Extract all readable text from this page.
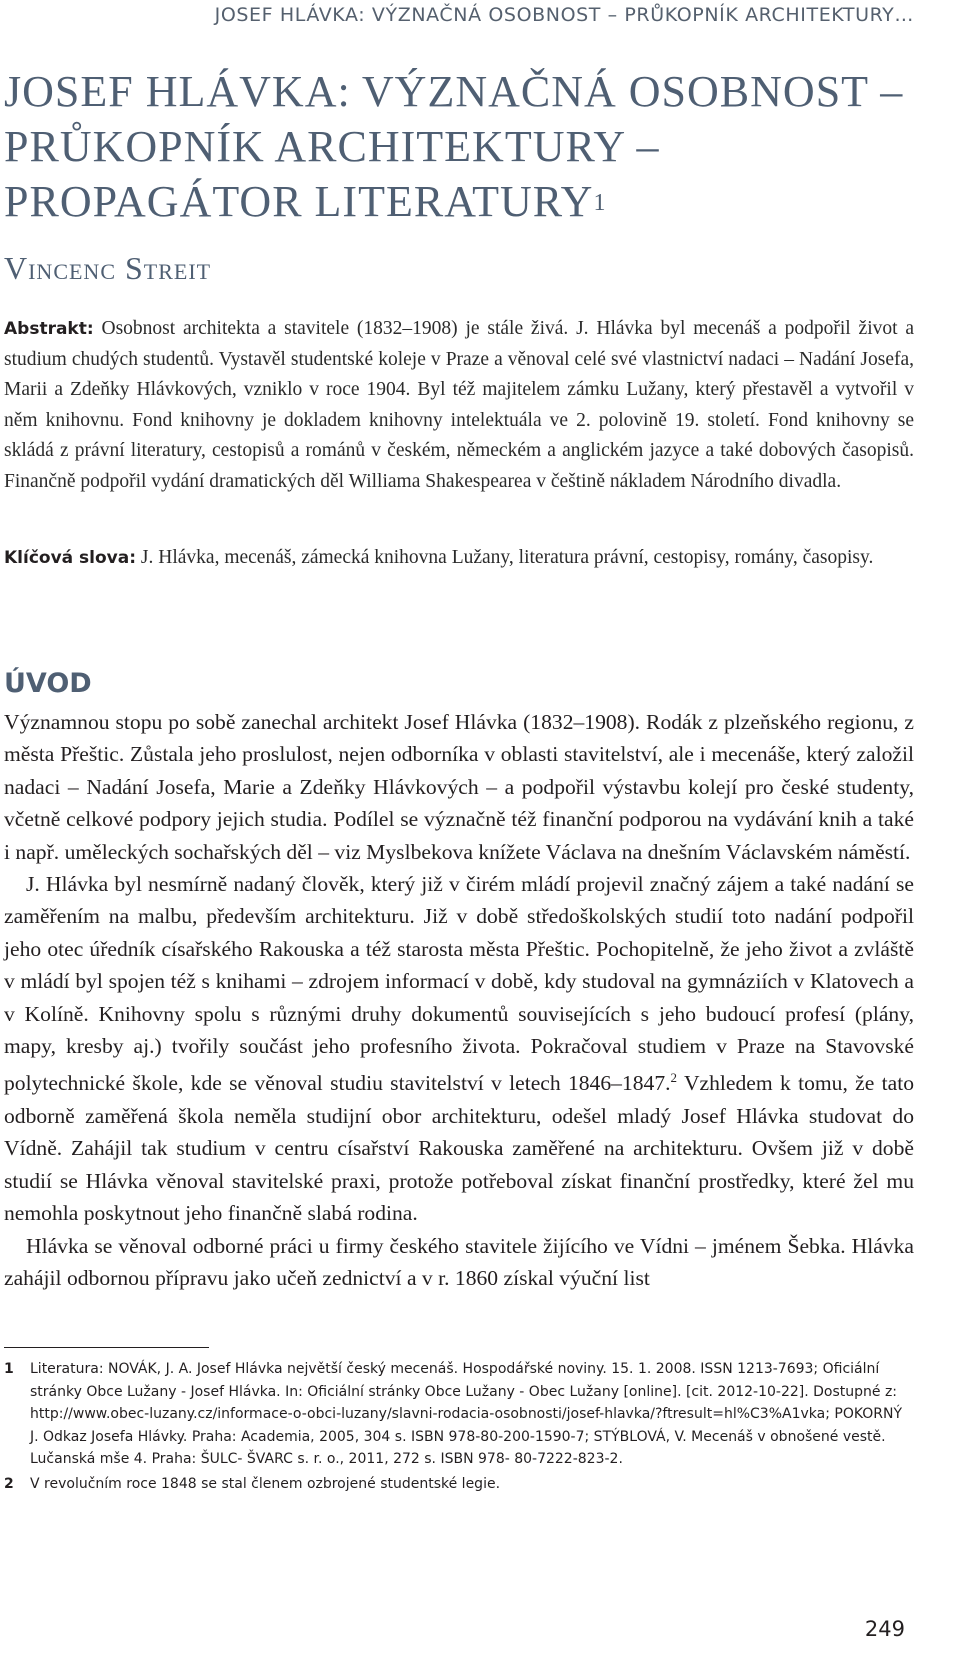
JOSEF HLÁVKA: VÝZNAČNÁ OSOBNOST – PRŮKOPNÍK ARCHITEKTURY…
JOSEF HLÁVKA: VÝZNAČNÁ OSOBNOST – PRŮKOPNÍK ARCHITEKTURY – PROPAGÁTOR LITERATURY$^1$
Vincenc Streit
Abstrakt: Osobnost architekta a stavitele (1832–1908) je stále živá. J. Hlávka byl mecenáš a podpořil život a studium chudých studentů. Vystavěl studentské koleje v Praze a věnoval celé své vlastnictví nadaci – Nadání Josefa, Marii a Zdeňky Hlávkových, vzniklo v roce 1904. Byl též majitelem zámku Lužany, který přestavěl a vytvořil v něm knihovnu. Fond knihovny je dokladem knihovny intelektuála ve 2. polovině 19. století. Fond knihovny se skládá z právní literatury, cestopisů a románů v českém, německém a anglickém jazyce a také dobových časopisů. Finančně podpořil vydání dramatických děl Williama Shakespearea v češtině nákladem Národního divadla.
Klíčová slova: J. Hlávka, mecenáš, zámecká knihovna Lužany, literatura právní, cestopisy, romány, časopisy.
ÚVOD

Významnou stopu po sobě zanechal architekt Josef Hlávka (1832–1908). Rodák z plzeňského regionu, z města Přeštic. Zůstala jeho proslulost, nejen odborníka v oblasti stavitelství, ale i mecenáše, který založil nadaci – Nadání Josefa, Marie a Zdeňky Hlávkových – a podpořil výstavbu kolejí pro české studenty, včetně celkové podpory jejich studia. Podílel se význačně též finanční podporou na vydávání knih a také i např. uměleckých sochařských děl – viz Myslbekova knížete Václava na dnešním Václavském náměstí.

J. Hlávka byl nesmírně nadaný člověk, který již v čirém mládí projevil značný zájem a také nadání se zaměřením na malbu, především architekturu. Již v době středoškolských studií toto nadání podpořil jeho otec úředník císařského Rakouska a též starosta města Přeštic. Pochopitelně, že jeho život a zvláště v mládí byl spojen též s knihami – zdrojem informací v době, kdy studoval na gymnáziích v Klatovech a v Kolíně. Knihovny spolu s různými druhy dokumentů souvisejících s jeho budoucí profesí (plány, mapy, kresby aj.) tvořily součást jeho profesního života. Pokračoval studiem v Praze na Stavovské polytechnické škole, kde se věnoval studiu stavitelství v letech 1846–1847.$^2$ Vzhledem k tomu, že tato odborně zaměřená škola neměla studijní obor architekturu, odešel mladý Josef Hlávka studovat do Vídně. Zahájil tak studium v centru císařství Rakouska zaměřené na architekturu. Ovšem již v době studií se Hlávka věnoval stavitelské praxi, protože potřeboval získat finanční prostředky, které žel mu nemohla poskytnout jeho finančně slabá rodina.

Hlávka se věnoval odborné práci u firmy českého stavitele žijícího ve Vídni – jménem Šebka. Hlávka zahájil odbornou přípravu jako učeň zednictví a v r. 1860 získal výuční list

1 Literatura: NOVÁK, J. A. Josef Hlávka největší český mecenáš. Hospodářské noviny. 15. 1. 2008. ISSN 1213-7693; Oficiální stránky Obce Lužany - Josef Hlávka. In: Oficiální stránky Obce Lužany - Obec Lužany [online]. [cit. 2012-10-22]. Dostupné z: http://www.obec-luzany.cz/informace-o-obci-luzany/slavni-rodacia-osobnosti/josef-hlavka/?ftresult=hl%C3%A1vka; POKORNÝ J. Odkaz Josefa Hlávky. Praha: Academia, 2005, 304 s. ISBN 978-80-200-1590-7; STÝBLOVÁ, V. Mecenáš v obnošené vestě. Lučanská mše 4. Praha: ŠULC- ŠVARC s. r. o., 2011, 272 s. ISBN 978- 80-7222-823-2.
2 V revolučním roce 1848 se stal členem ozbrojené studentské legie.
249
